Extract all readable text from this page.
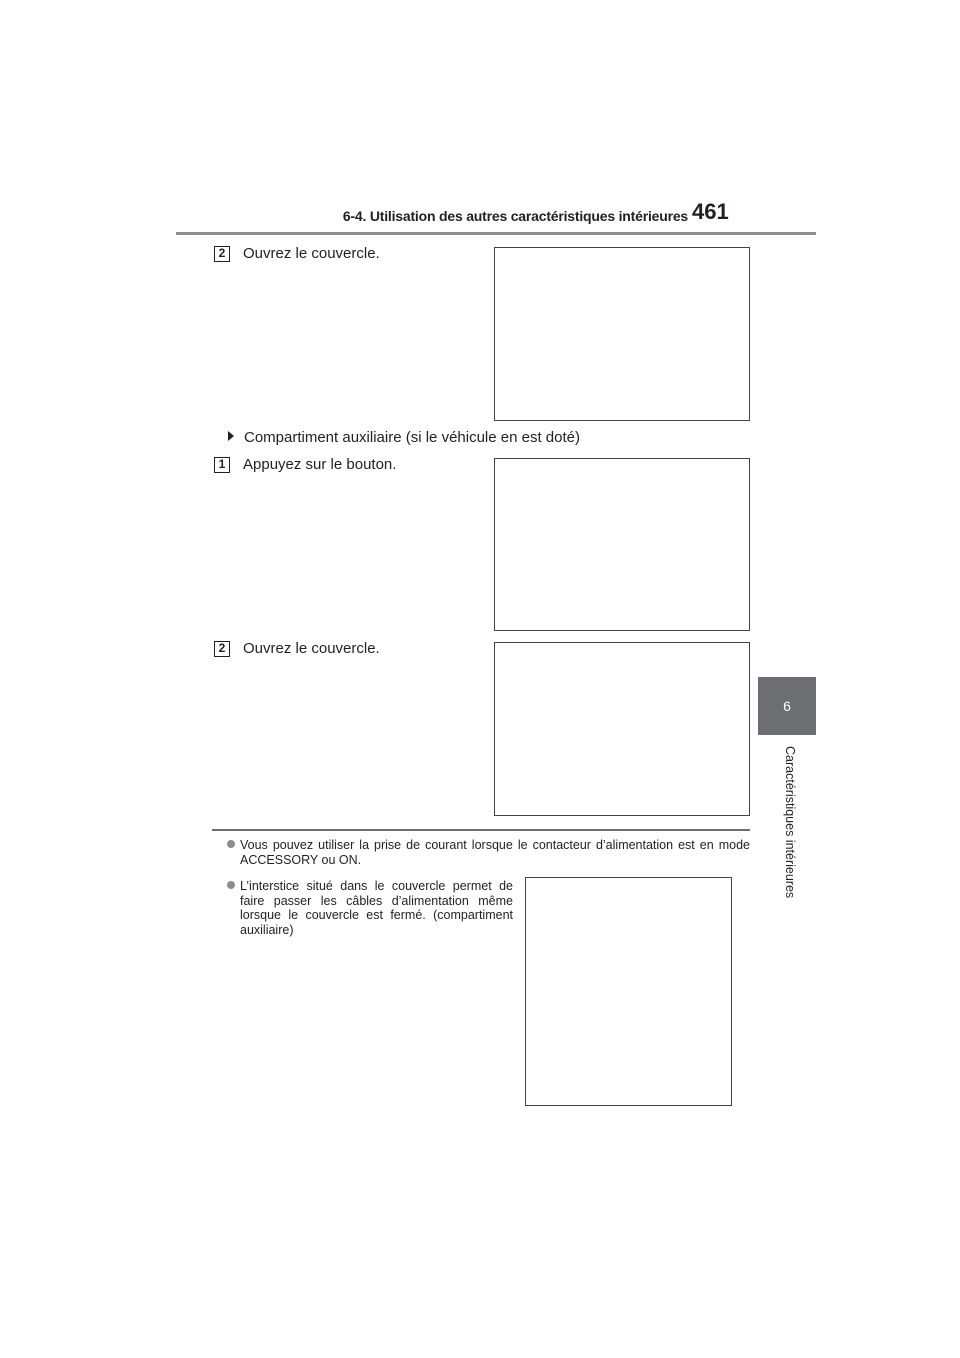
6-4. Utilisation des autres caractéristiques intérieures 461
6
Caractéristiques intérieures
2	Ouvrez le couvercle.
Compartiment auxiliaire (si le véhicule en est doté)
1	Appuyez sur le bouton.
2	Ouvrez le couvercle.
Vous pouvez utiliser la prise de courant lorsque le contacteur d’alimentation est en mode ACCESSORY ou ON.
L’interstice situé dans le couvercle permet de faire passer les câbles d’alimentation même lorsque le couvercle est fermé. (compartiment auxiliaire)
